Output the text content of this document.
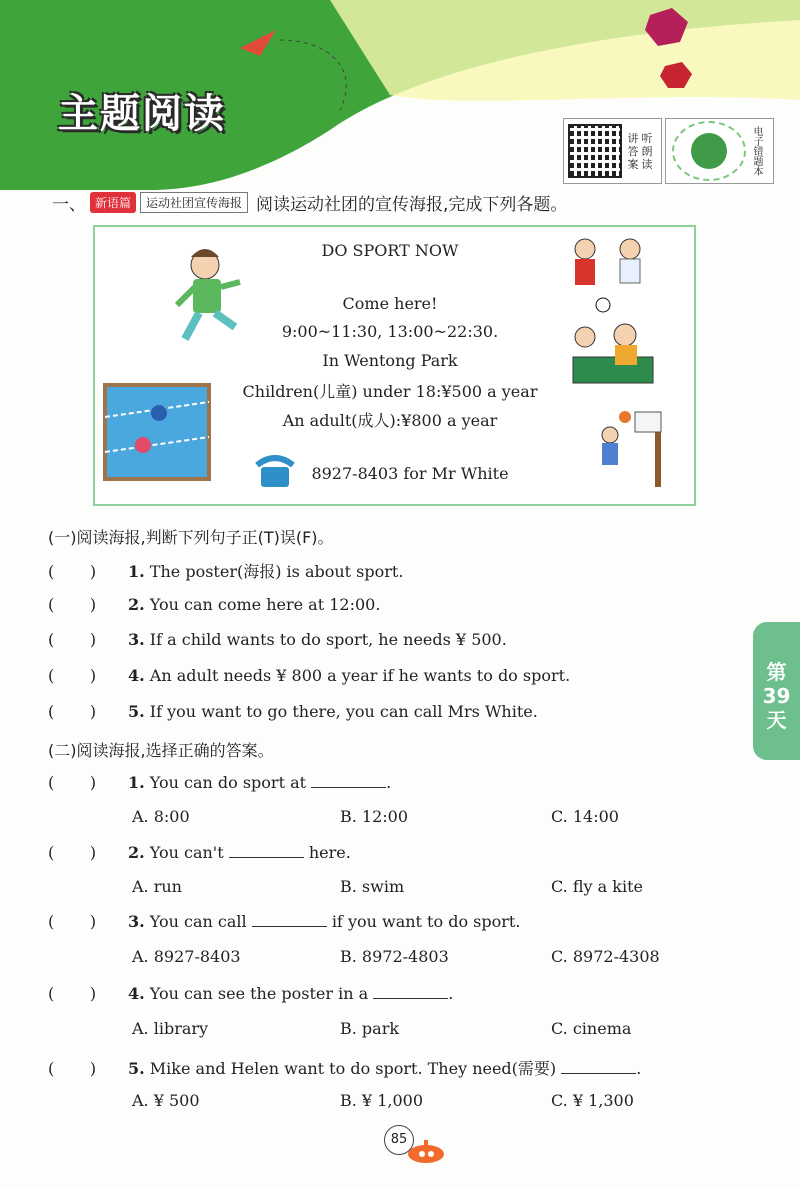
主题阅读
讲 听
答 朗
案 读	电子错题本
一、 新语篇	运动社团宣传海报 阅读运动社团的宣传海报,完成下列各题。
DO SPORT NOW
Come here!
9:00~11:30, 13:00~22:30.
In Wentong Park
Children(儿童) under 18:¥500 a year
An adult(成人):¥800 a year
8927-8403 for Mr White
(一)阅读海报,判断下列句子正(T)误(F)。
(       ) 1. The poster(海报) is about sport.
(       ) 2. You can come here at 12:00.
(       ) 3. If a child wants to do sport, he needs ¥ 500.
(       ) 4. An adult needs ¥ 800 a year if he wants to do sport.
(       ) 5. If you want to go there, you can call Mrs White.
(二)阅读海报,选择正确的答案。
(       ) 1. You can do sport at	.
A. 8:00	B. 12:00	C. 14:00
(       ) 2. You can't	here.
A. run	B. swim	C. fly a kite
(       ) 3. You can call	if you want to do sport.
A. 8927-8403	B. 8972-4803	C. 8972-4308
(       ) 4. You can see the poster in a	.
A. library	B. park	C. cinema
(       ) 5. Mike and Helen want to do sport. They need(需要)	.
A. ¥ 500	B. ¥ 1,000	C. ¥ 1,300
第
39
天
85
